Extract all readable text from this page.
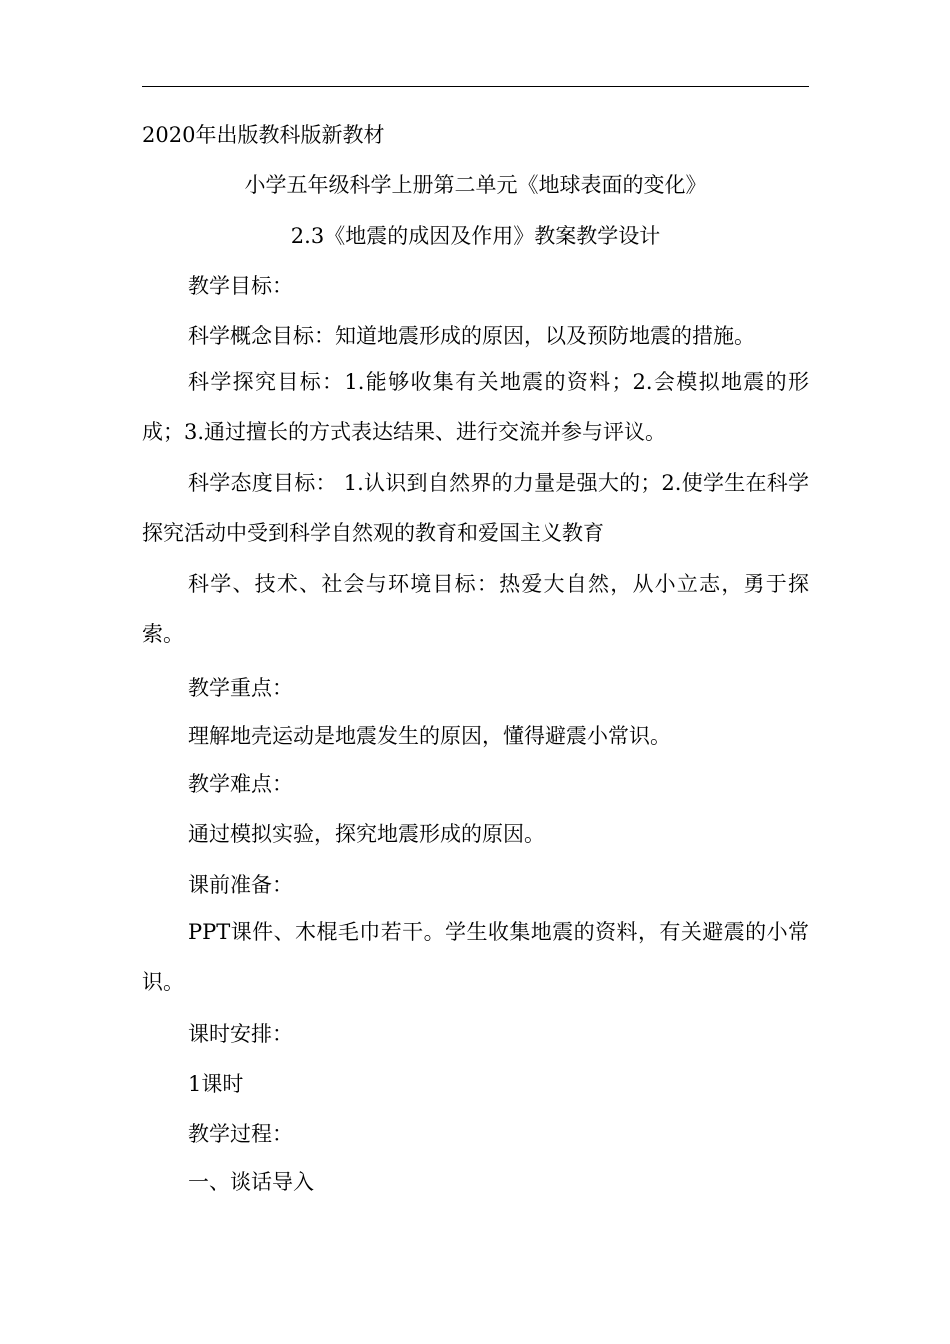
2020年出版教科版新教材
小学五年级科学上册第二单元《地球表面的变化》
2.3《地震的成因及作用》教案教学设计
教学目标：
科学概念目标：知道地震形成的原因，以及预防地震的措施。
科学探究目标：1.能够收集有关地震的资料；2.会模拟地震的形成；3.通过擅长的方式表达结果、进行交流并参与评议。
科学态度目标： 1.认识到自然界的力量是强大的；2.使学生在科学探究活动中受到科学自然观的教育和爱国主义教育
科学、技术、社会与环境目标：热爱大自然，从小立志，勇于探索。
教学重点：
理解地壳运动是地震发生的原因，懂得避震小常识。
教学难点：
通过模拟实验，探究地震形成的原因。
课前准备：
PPT课件、木棍毛巾若干。学生收集地震的资料，有关避震的小常识。
课时安排：
1课时
教学过程：
一、谈话导入
